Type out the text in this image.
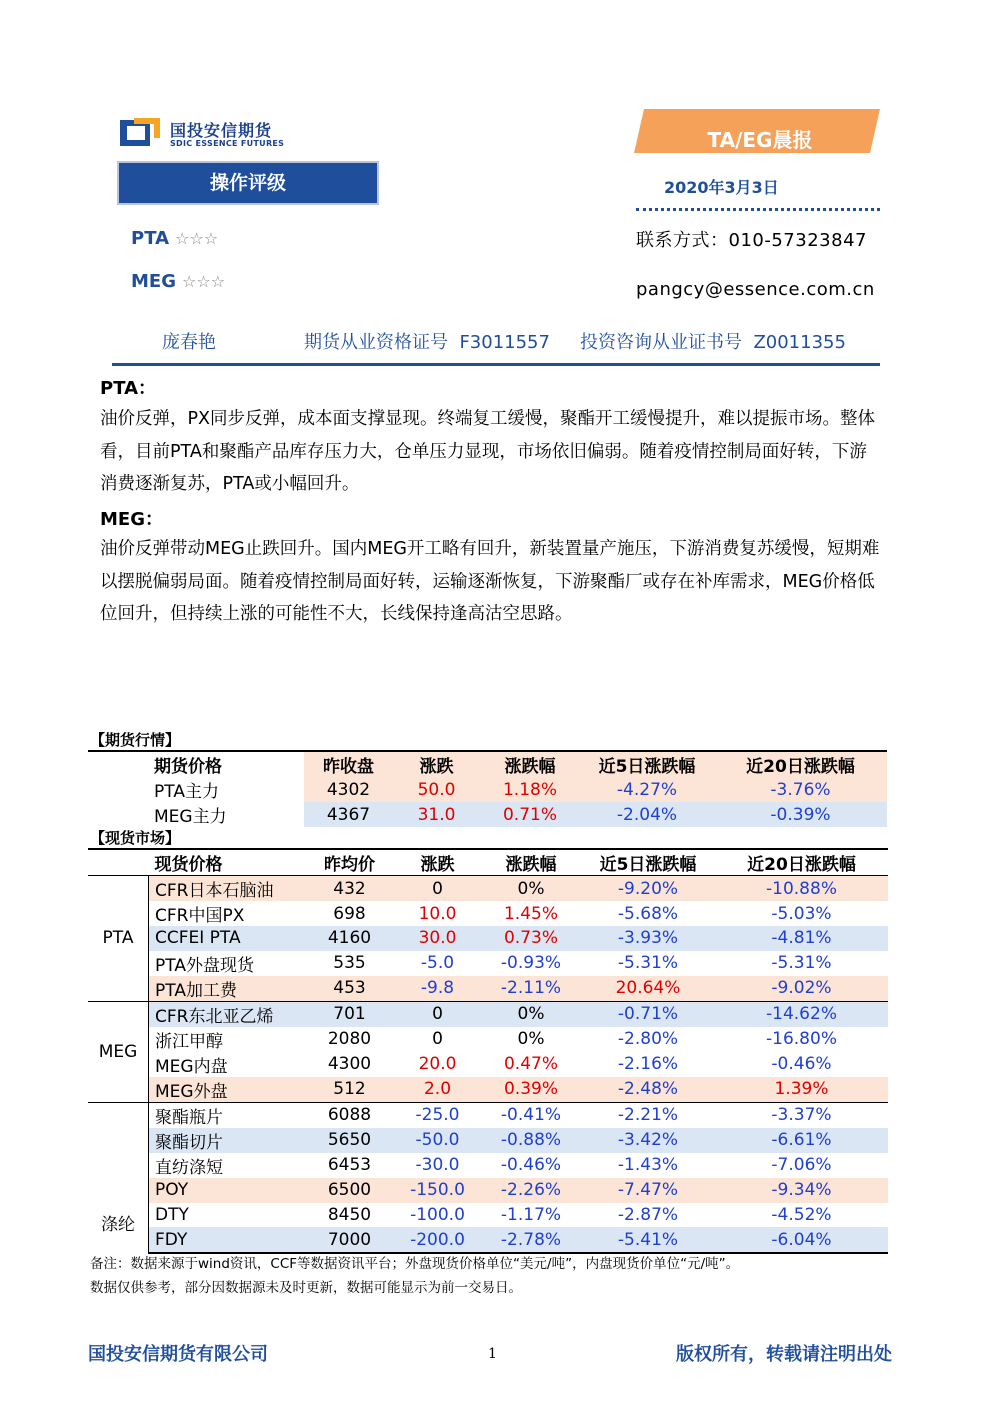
国投安信期货
SDIC ESSENCE FUTURES
操作评级
TA/EG晨报
2020年3月3日
联系方式：010-57323847
pangcy@essence.com.cn
PTA ☆☆☆
MEG ☆☆☆
庞春艳	期货从业资格证号  F3011557 投资咨询从业证书号  Z0011355
PTA：
油价反弹，PX同步反弹，成本面支撑显现。终端复工缓慢，聚酯开工缓慢提升，难以提振市场。整体看，目前PTA和聚酯产品库存压力大，仓单压力显现，市场依旧偏弱。随着疫情控制局面好转，下游消费逐渐复苏，PTA或小幅回升。
MEG：
油价反弹带动MEG止跌回升。国内MEG开工略有回升，新装置量产施压，下游消费复苏缓慢，短期难以摆脱偏弱局面。随着疫情控制局面好转，运输逐渐恢复，下游聚酯厂或存在补库需求，MEG价格低位回升，但持续上涨的可能性不大，长线保持逢高沽空思路。
【期货行情】
	期货价格	昨收盘	涨跌	涨跌幅	近5日涨跌幅	近20日涨跌幅
	PTA主力	4302	50.0	1.18%	-4.27%	-3.76%
	MEG主力	4367	31.0	0.71%	-2.04%	-0.39%
【现货市场】
	现货价格	昨均价	涨跌	涨跌幅	近5日涨跌幅	近20日涨跌幅
PTA	CFR日本石脑油	432	0	0%	-9.20%	-10.88%
	CFR中国PX	698	10.0	1.45%	-5.68%	-5.03%
	CCFEI PTA	4160	30.0	0.73%	-3.93%	-4.81%
	PTA外盘现货	535	-5.0	-0.93%	-5.31%	-5.31%
	PTA加工费	453	-9.8	-2.11%	20.64%	-9.02%
MEG	CFR东北亚乙烯	701	0	0%	-0.71%	-14.62%
	浙江甲醇	2080	0	0%	-2.80%	-16.80%
	MEG内盘	4300	20.0	0.47%	-2.16%	-0.46%
	MEG外盘	512	2.0	0.39%	-2.48%	1.39%
涤纶	聚酯瓶片	6088	-25.0	-0.41%	-2.21%	-3.37%
	聚酯切片	5650	-50.0	-0.88%	-3.42%	-6.61%
	直纺涤短	6453	-30.0	-0.46%	-1.43%	-7.06%
	POY	6500	-150.0	-2.26%	-7.47%	-9.34%
	DTY	8450	-100.0	-1.17%	-2.87%	-4.52%
	FDY	7000	-200.0	-2.78%	-5.41%	-6.04%
备注：数据来源于wind资讯，CCF等数据资讯平台；外盘现货价格单位“美元/吨”，内盘现货价单位“元/吨”。
数据仅供参考，部分因数据源未及时更新，数据可能显示为前一交易日。
国投安信期货有限公司	1	版权所有，转载请注明出处
